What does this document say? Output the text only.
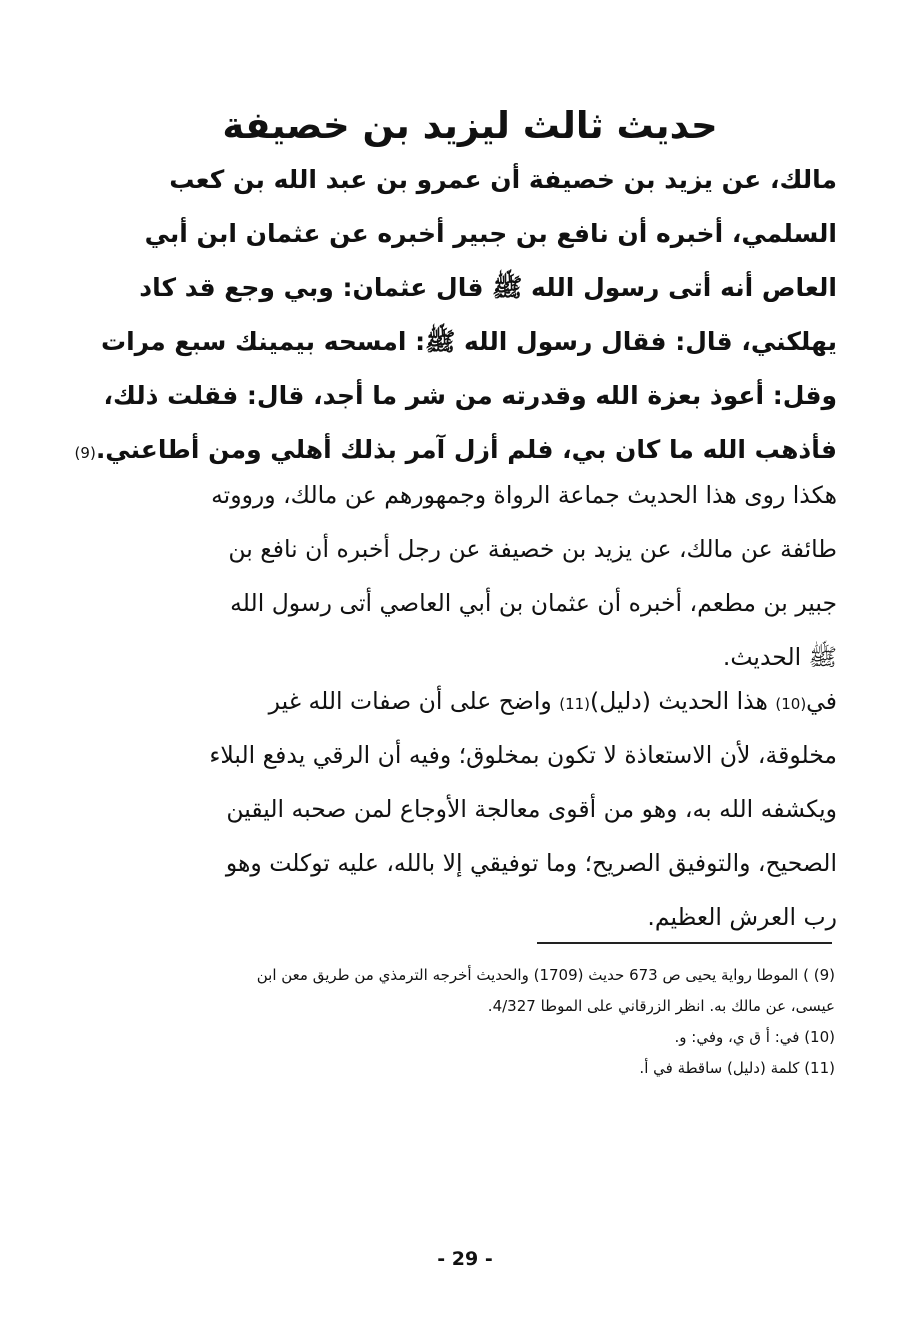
حديث ثالث ليزيد بن خصيفة
مالك، عن يزيد بن خصيفة أن عمرو بن عبد الله بن كعب
السلمي، أخبره أن نافع بن جبير أخبره عن عثمان ابن أبي
العاص أنه أتى رسول الله ﷺ قال عثمان: وبي وجع قد كاد
يهلكني، قال: فقال رسول الله ﷺ: امسحه بيمينك سبع مرات
وقل: أعوذ بعزة الله وقدرته من شر ما أجد، قال: فقلت ذلك،
فأذهب الله ما كان بي، فلم أزل آمر بذلك أهلي ومن أطاعني.(9)
هكذا روى هذا الحديث جماعة الرواة وجمهورهم عن مالك، ورووته
طائفة عن مالك، عن يزيد بن خصيفة عن رجل أخبره أن نافع بن
جبير بن مطعم، أخبره أن عثمان بن أبي العاصي أتى رسول الله
ﷺ الحديث.
في(10) هذا الحديث (دليل)(11) واضح على أن صفات الله غير
مخلوقة، لأن الاستعاذة لا تكون بمخلوق؛ وفيه أن الرقي يدفع البلاء
ويكشفه الله به، وهو من أقوى معالجة الأوجاع لمن صحبه اليقين
الصحيح، والتوفيق الصريح؛ وما توفيقي إلا بالله، عليه توكلت وهو
رب العرش العظيم.
(9) ) الموطا رواية يحيى ص 673 حديث (1709) والحديث أخرجه الترمذي من طريق معن ابن
عيسى، عن مالك به. انظر الزرقاني على الموطا 4/327.
(10) في: أ ق ي، وفي: و.
(11) كلمة (دليل) ساقطة في أ.
- 29 -
